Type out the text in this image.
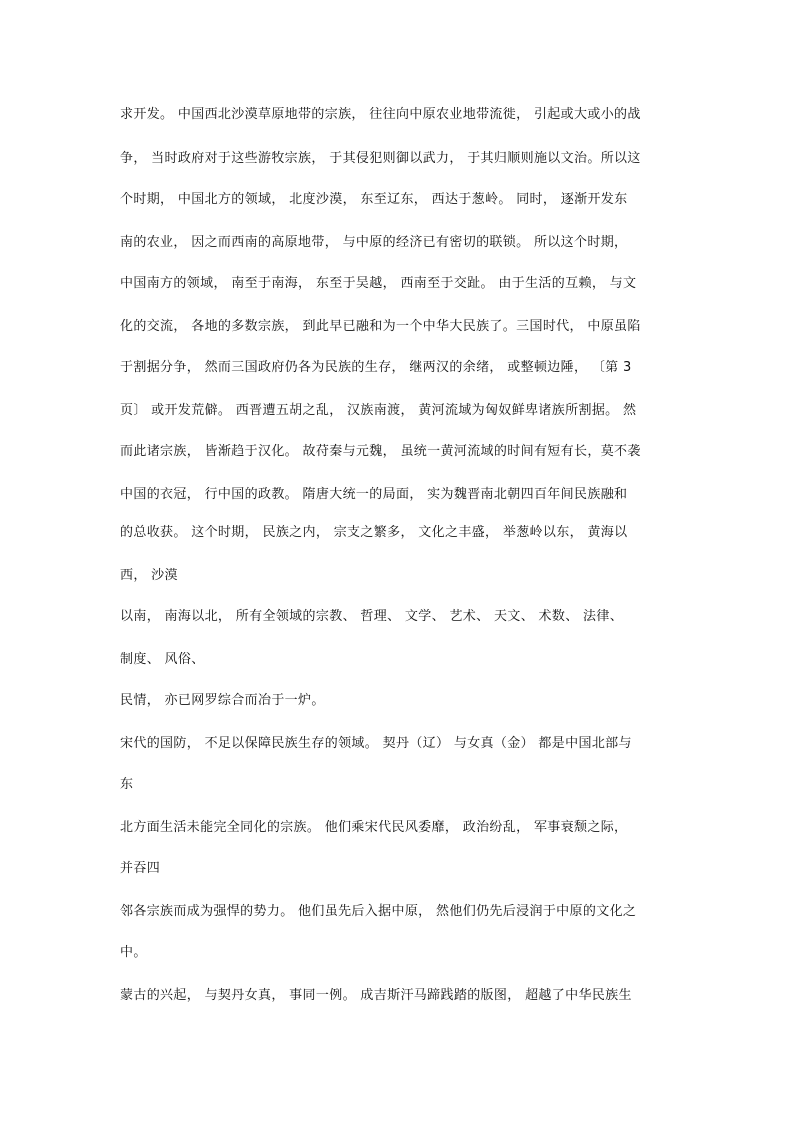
求开发。 中国西北沙漠草原地带的宗族， 往往向中原农业地带流徙， 引起或大或小的战
争， 当时政府对于这些游牧宗族， 于其侵犯则御以武力， 于其归顺则施以文治。所以这
个时期， 中国北方的领域， 北度沙漠， 东至辽东， 西达于葱岭。 同时， 逐渐开发东
南的农业， 因之而西南的高原地带， 与中原的经济已有密切的联锁。 所以这个时期，
中国南方的领域， 南至于南海， 东至于吴越， 西南至于交趾。 由于生活的互赖， 与文
化的交流， 各地的多数宗族， 到此早已融和为一个中华大民族了。三国时代， 中原虽陷
于割据分争， 然而三国政府仍各为民族的生存， 继两汉的余绪， 或整顿边陲， 〔第 3
页〕 或开发荒僻。 西晋遭五胡之乱， 汉族南渡， 黄河流域为匈奴鲜卑诸族所割据。 然
而此诸宗族， 皆渐趋于汉化。 故苻秦与元魏， 虽统一黄河流域的时间有短有长，莫不袭
中国的衣冠， 行中国的政教。 隋唐大统一的局面， 实为魏晋南北朝四百年间民族融和
的总收获。 这个时期， 民族之内， 宗支之繁多， 文化之丰盛， 举葱岭以东， 黄海以
西， 沙漠
以南， 南海以北， 所有全领域的宗教、 哲理、 文学、 艺术、 天文、 术数、 法律、
制度、 风俗、
民情， 亦已网罗综合而冶于一炉。
宋代的国防， 不足以保障民族生存的领域。 契丹（辽） 与女真（金） 都是中国北部与
东
北方面生活未能完全同化的宗族。 他们乘宋代民风委靡， 政治纷乱， 军事衰颓之际，
并吞四
邻各宗族而成为强悍的势力。 他们虽先后入据中原， 然他们仍先后浸润于中原的文化之
中。
蒙古的兴起， 与契丹女真， 事同一例。 成吉斯汗马蹄践踏的版图， 超越了中华民族生
